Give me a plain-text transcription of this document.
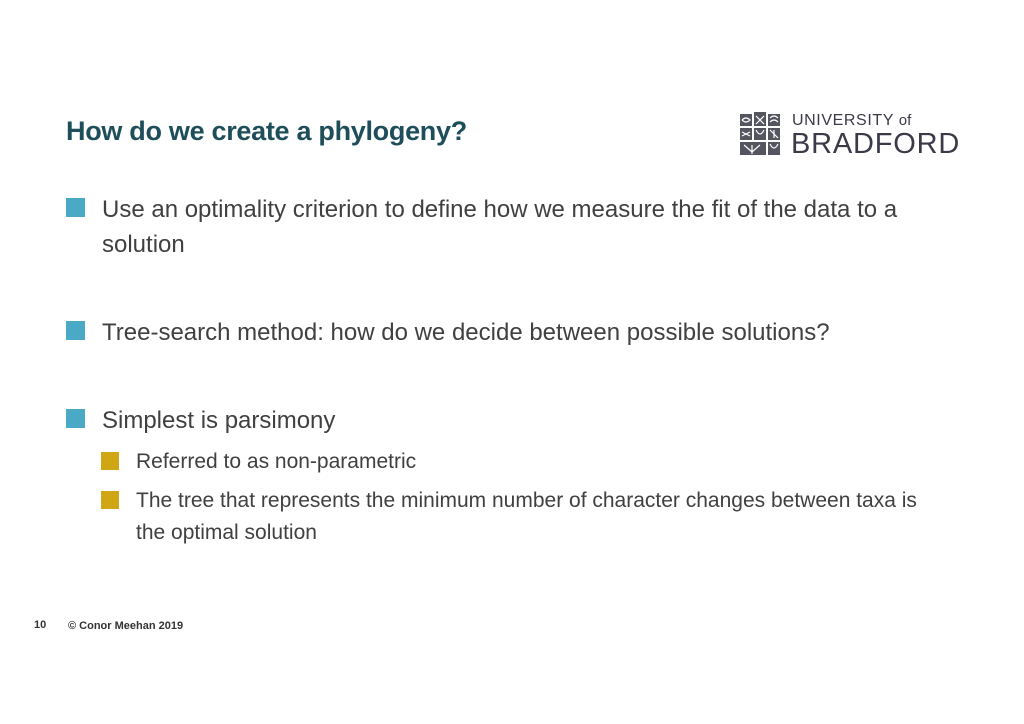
How do we create a phylogeny?	UNIVERSITY of
BRADFORD
Use an optimality criterion to define how we measure the fit of the data to a solution
Tree-search method: how do we decide between possible solutions?
Simplest is parsimony
Referred to as non-parametric
The tree that represents the minimum number of character changes between taxa is the optimal solution
10 © Conor Meehan 2019
